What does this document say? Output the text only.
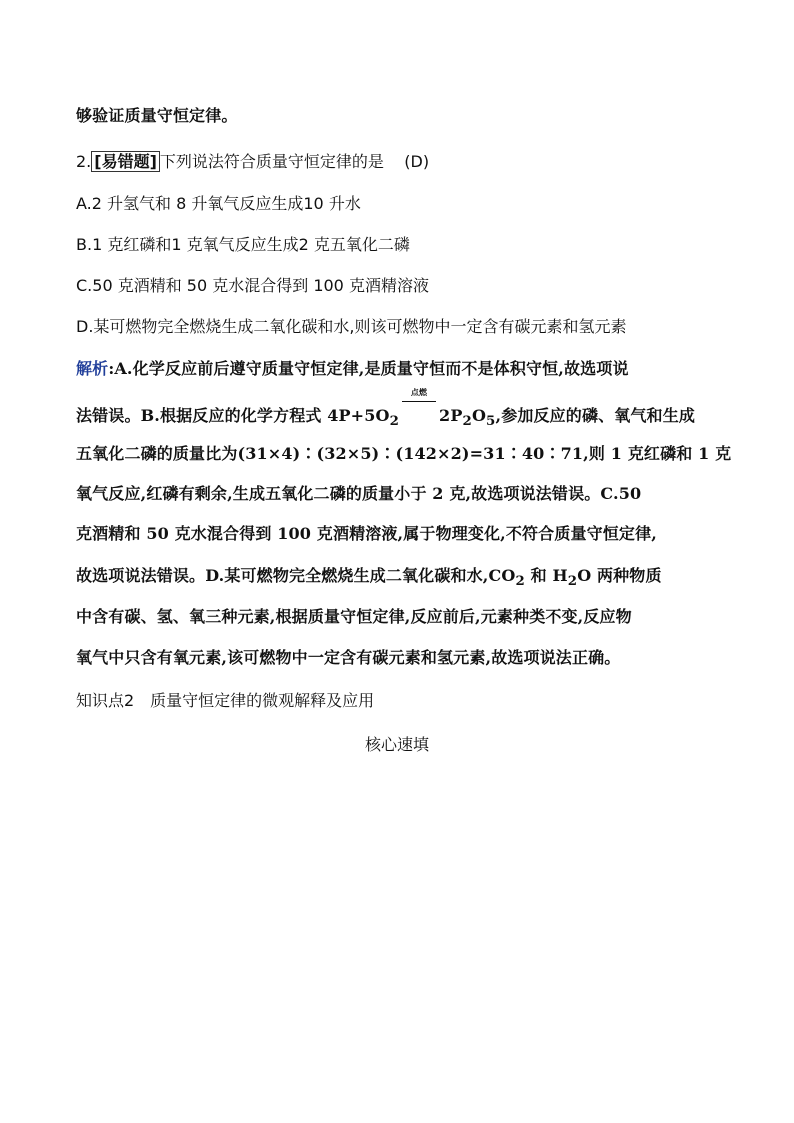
够验证质量守恒定律。
2. [易错题] 下列说法符合质量守恒定律的是 (D)
A.2 升氢气和 8 升氧气反应生成10 升水
B.1 克红磷和1 克氧气反应生成2 克五氧化二磷
C.50 克酒精和 50 克水混合得到 100 克酒精溶液
D.某可燃物完全燃烧生成二氧化碳和水,则该可燃物中一定含有碳元素和氢元素
解析:A.化学反应前后遵守质量守恒定律,是质量守恒而不是体积守恒,故选项说
法错误。B.根据反应的化学方程式 $4P+5O_2$
点燃
$2P_2O_5$,参加反应的磷、氧气和生成
五氧化二磷的质量比为(31×4)∶(32×5)∶(142×2)=31∶40∶71,则 1 克红磷和 1 克
氧气反应,红磷有剩余,生成五氧化二磷的质量小于 2 克,故选项说法错误。C.50
克酒精和 50 克水混合得到 100 克酒精溶液,属于物理变化,不符合质量守恒定律,
故选项说法错误。D.某可燃物完全燃烧生成二氧化碳和水$,CO_2$ 和 $H_2O$ 两种物质
中含有碳、氢、氧三种元素,根据质量守恒定律,反应前后,元素种类不变,反应物
氧气中只含有氧元素,该可燃物中一定含有碳元素和氢元素,故选项说法正确。
知识点2　质量守恒定律的微观解释及应用
核心速填
